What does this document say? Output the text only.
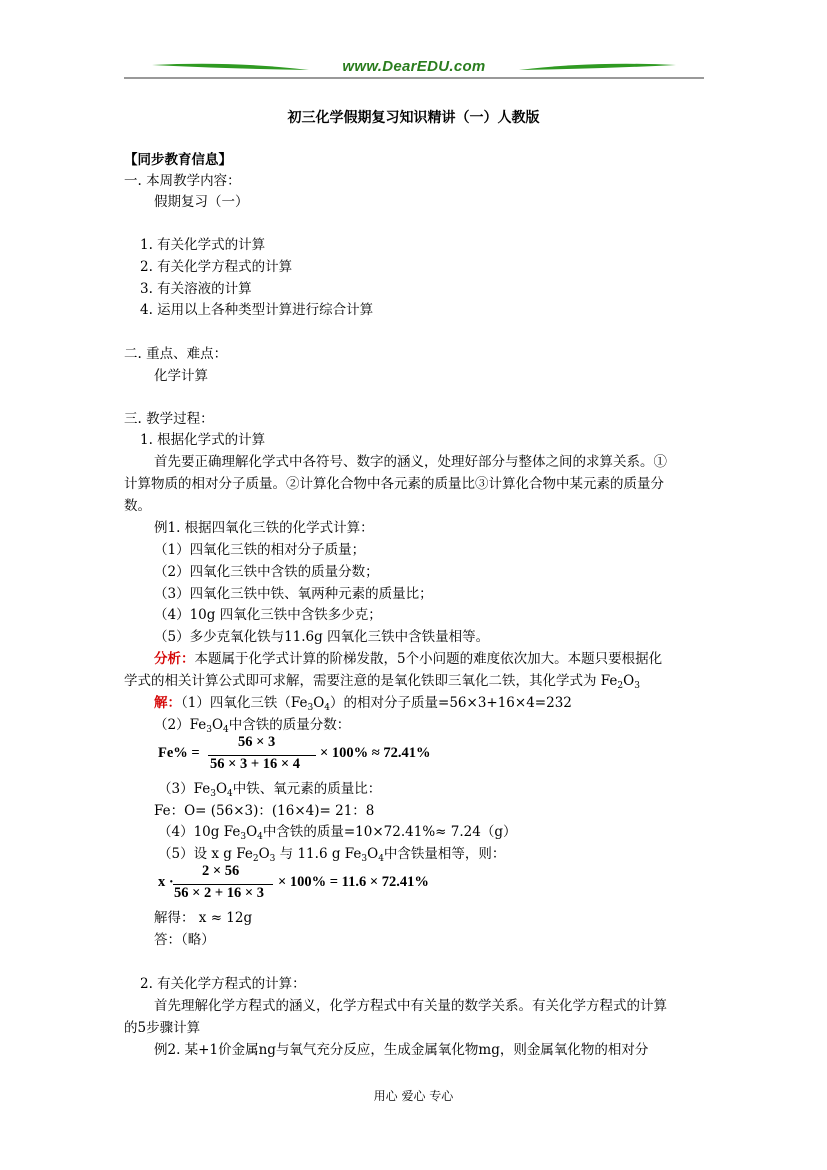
www.DearEDU.com
初三化学假期复习知识精讲（一）人教版
【同步教育信息】
一. 本周教学内容：
假期复习（一）
1. 有关化学式的计算
2. 有关化学方程式的计算
3. 有关溶液的计算
4. 运用以上各种类型计算进行综合计算
二. 重点、难点：
化学计算
三. 教学过程：
1. 根据化学式的计算
首先要正确理解化学式中各符号、数字的涵义，处理好部分与整体之间的求算关系。①
计算物质的相对分子质量。②计算化合物中各元素的质量比③计算化合物中某元素的质量分
数。
例1. 根据四氧化三铁的化学式计算：
（1）四氧化三铁的相对分子质量；
（2）四氧化三铁中含铁的质量分数；
（3）四氧化三铁中铁、氧两种元素的质量比；
（4）10g 四氧化三铁中含铁多少克；
（5）多少克氧化铁与11.6g 四氧化三铁中含铁量相等。
分析：本题属于化学式计算的阶梯发散，5个小问题的难度依次加大。本题只要根据化
学式的相关计算公式即可求解，需要注意的是氧化铁即三氧化二铁，其化学式为 $Fe_2O_3$
解：（1）四氧化三铁$(Fe_3O_4)$的相对分子质量=56×3+16×4=232
$(2)Fe_3O_4$中含铁的质量分数：
Fe% =
56 × 3
56 × 3 + 16 × 4
× 100% ≈ 72.41%
$(3)Fe_3O_4$中铁、氧元素的质量比：
Fe：O= (56×3)：(16×4)= 21：8
（4）10g $Fe_3O_4$中含铁的质量=10×72.41%≈ 7.24（g）
（5）设 x g $Fe_2O_3$ 与 11.6 g $Fe_3O_4$中含铁量相等，则：
x ·
2 × 56
56 × 2 + 16 × 3
× 100% = 11.6 × 72.41%
解得： x ≈ 12g
答：（略）
2. 有关化学方程式的计算：
首先理解化学方程式的涵义，化学方程式中有关量的数学关系。有关化学方程式的计算
的5步骤计算
例2. 某+1价金属ng与氧气充分反应，生成金属氧化物mg，则金属氧化物的相对分
用心 爱心 专心
